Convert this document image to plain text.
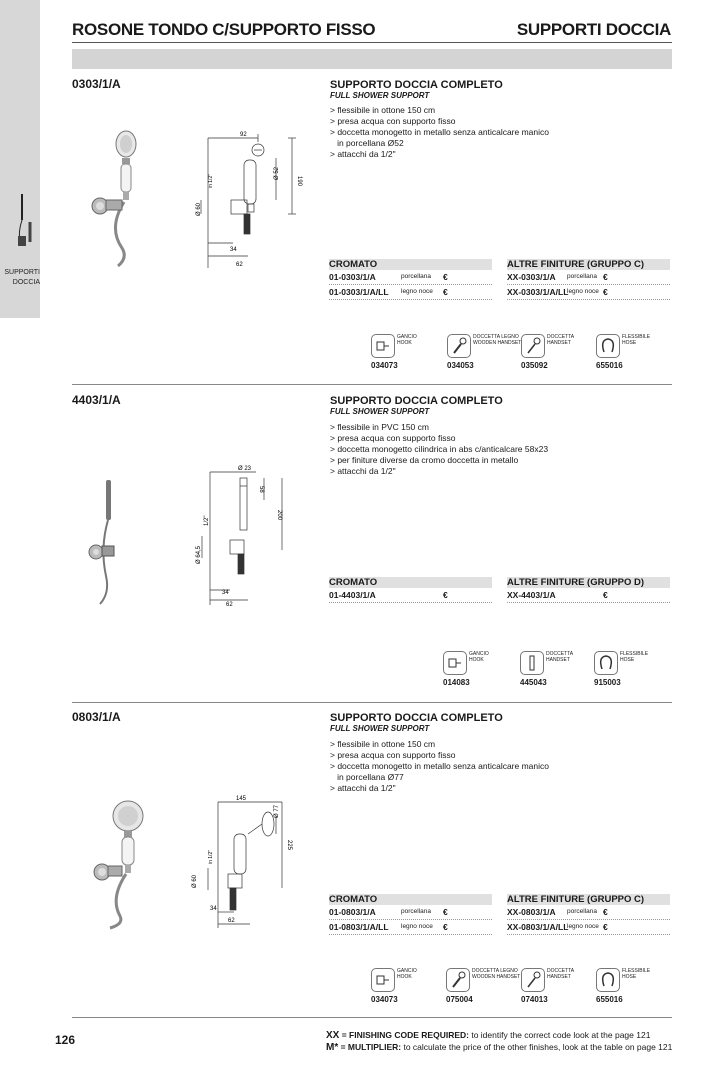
SUPPORTI
DOCCIA
ROSONE TONDO C/SUPPORTO FISSO	SUPPORTI DOCCIA
0303/1/A	SUPPORTO DOCCIA COMPLETO
FULL SHOWER SUPPORT
> flessibile in ottone 150 cm
> presa acqua con supporto fisso
> doccetta monogetto in metallo senza anticalcare manico
in porcellana Ø52
> attacchi da 1/2"
92
190
Ø 52
in 1/2"
Ø 60
34
62	CROMATO
01-0303/1/A	porcellana €
01-0303/1/A/LL legno noce €
ALTRE FINITURE (GRUPPO C)
XX-0303/1/A porcellana €
XX-0303/1/A/LL
legno noce €
GANCIO
HOOK
034073
DOCCETTA LEGNO
WOODEN HANDSET
034053
DOCCETTA
HANDSET
035092
FLESSIBILE
HOSE
655016
4403/1/A	SUPPORTO DOCCIA COMPLETO
FULL SHOWER SUPPORT
> flessibile in PVC 150 cm
> presa acqua con supporto fisso
> doccetta monogetto cilindrica in abs c/anticalcare 58x23
> per finiture diverse da cromo doccetta in metallo
> attacchi da 1/2"
Ø 23
58
200
1/2"
Ø 64,5
34
62
CROMATO
01-4403/1/A	€
ALTRE FINITURE (GRUPPO D)
XX-4403/1/A	€
GANCIO
HOOK
014083
DOCCETTA
HANDSET
445043
FLESSIBILE
HOSE
915003
0803/1/A	SUPPORTO DOCCIA COMPLETO
FULL SHOWER SUPPORT
> flessibile in ottone 150 cm
> presa acqua con supporto fisso
> doccetta monogetto in metallo senza anticalcare manico
in porcellana Ø77
> attacchi da 1/2"
145
225
Ø 77
in 1/2"
Ø 60
34
62
CROMATO
01-0803/1/A	porcellana €
01-0803/1/A/LL legno noce €
ALTRE FINITURE (GRUPPO C)
XX-0803/1/A porcellana €
XX-0803/1/A/LL
legno noce €
GANCIO
HOOK
034073
DOCCETTA LEGNO
WOODEN HANDSET
075004
DOCCETTA
HANDSET
074013
FLESSIBILE
HOSE
655016
126	XX = FINISHING CODE REQUIRED: to identify the correct code look at the page 121
M* = MULTIPLIER: to calculate the price of the other finishes, look at the table on page 121
